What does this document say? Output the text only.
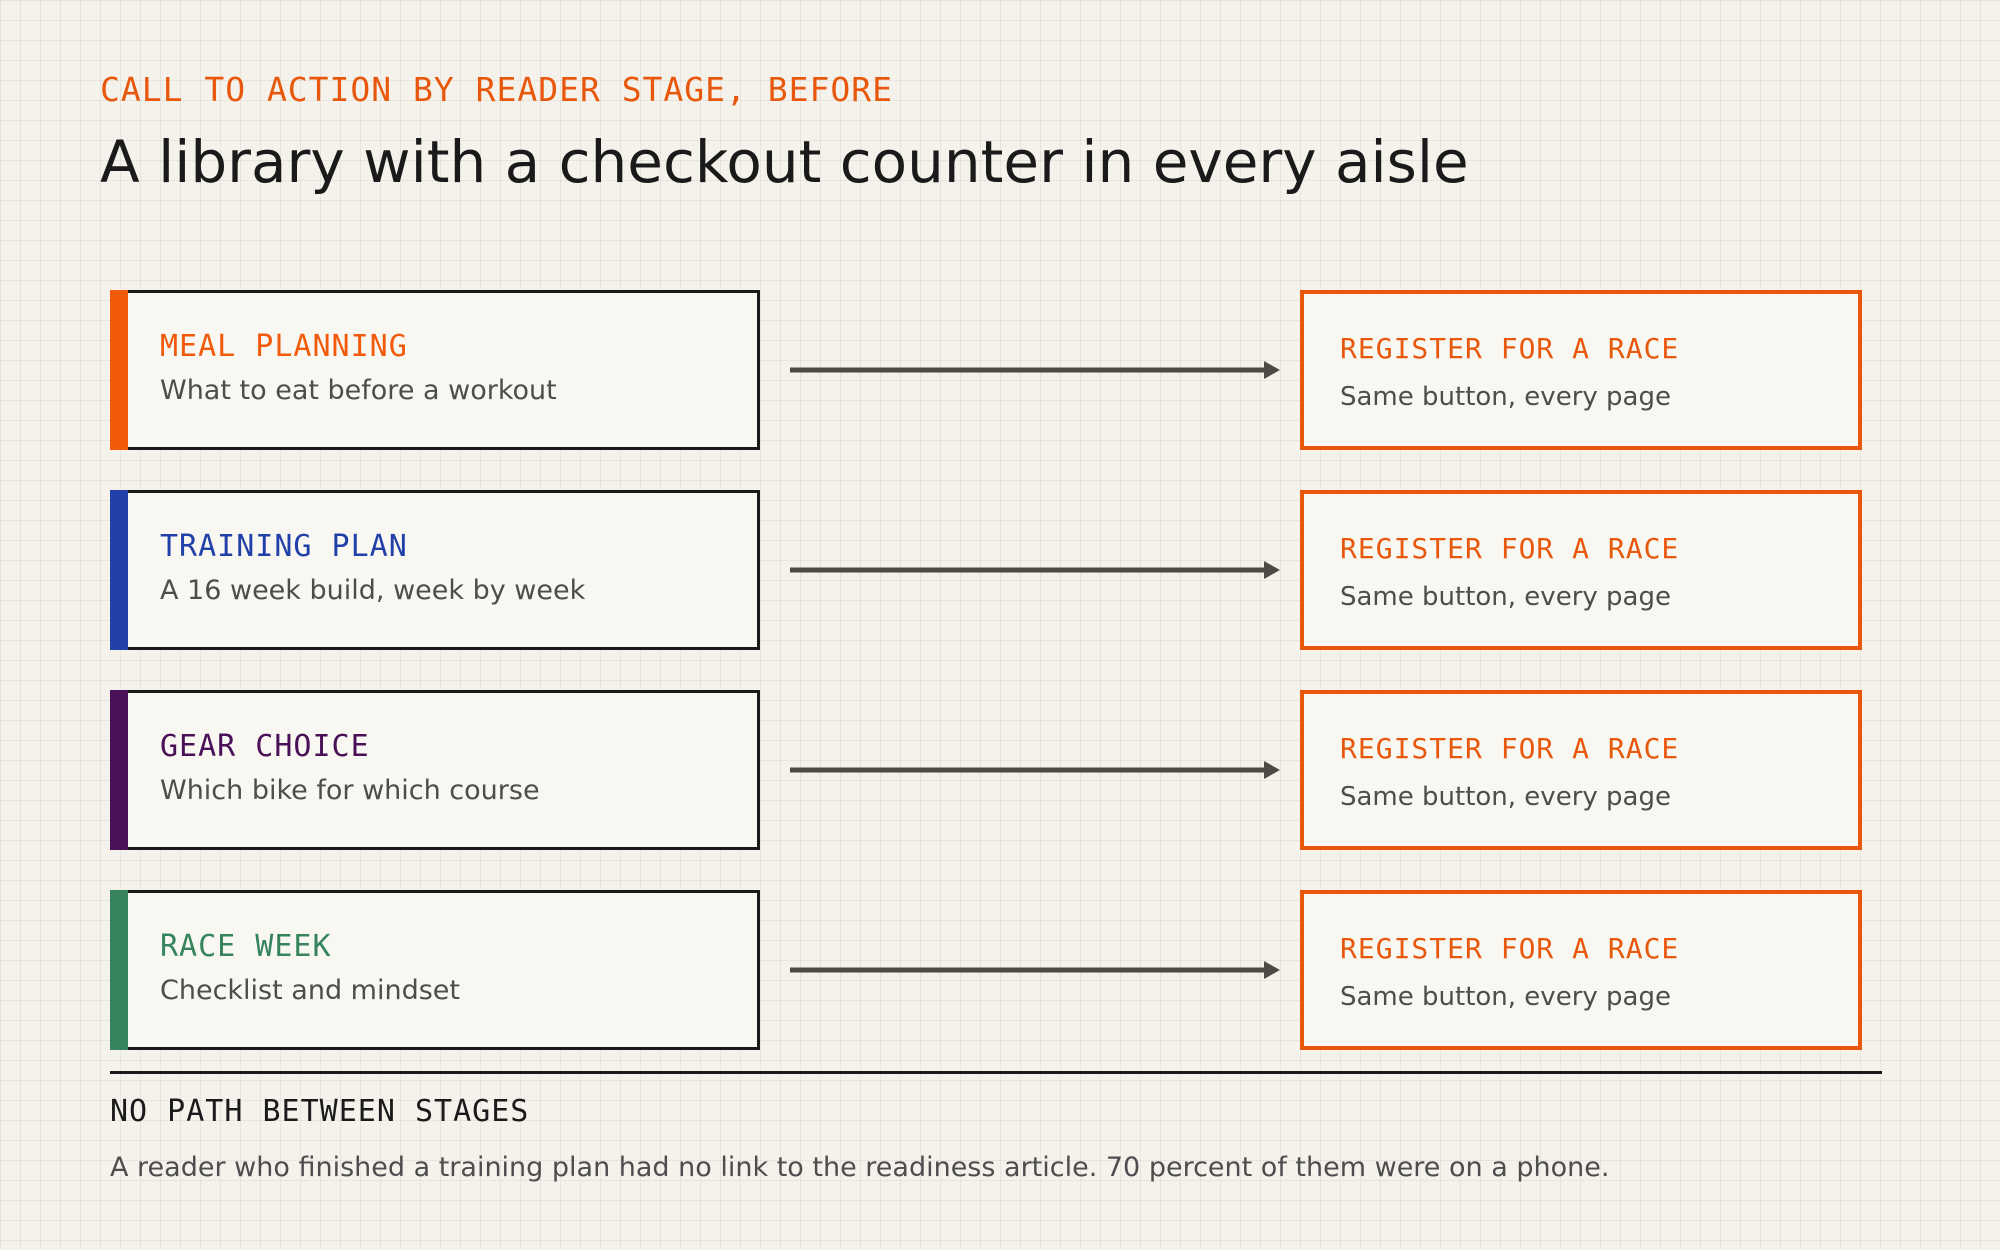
CALL TO ACTION BY READER STAGE, BEFORE
A library with a checkout counter in every aisle
MEAL PLANNING
What to eat before a workout
REGISTER FOR A RACE
Same button, every page
TRAINING PLAN
A 16 week build, week by week
REGISTER FOR A RACE
Same button, every page
GEAR CHOICE
Which bike for which course
REGISTER FOR A RACE
Same button, every page
RACE WEEK
Checklist and mindset
REGISTER FOR A RACE
Same button, every page
NO PATH BETWEEN STAGES
A reader who finished a training plan had no link to the readiness article. 70 percent of them were on a phone.
